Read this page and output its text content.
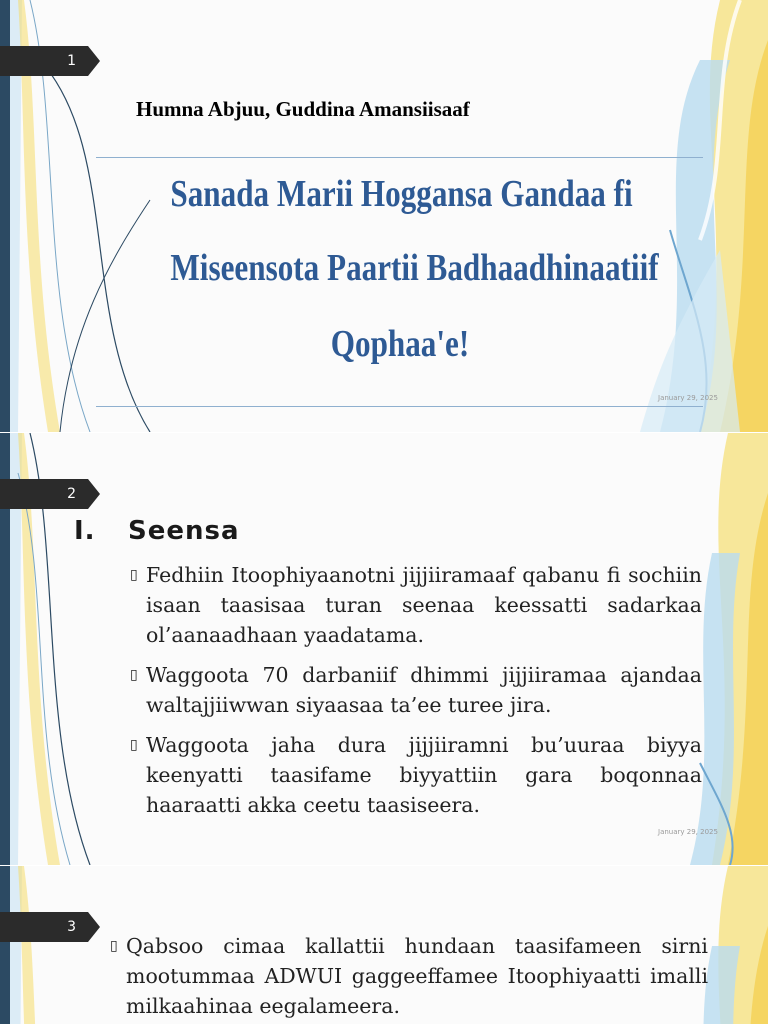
1
Humna Abjuu, Guddina Amansiisaaf
Sanada Marii Hoggansa Gandaa fi
Miseensota Paartii Badhaadhinaatiif
Qophaa'e!
January 29, 2025
2
I. Seensa
▯ Fedhiin Itoophiyaanotni jijjiiramaaf qabanu fi sochiin isaan taasisaa turan seenaa keessatti sadarkaa ol’aanaadhaan yaadatama.
▯ Waggoota 70 darbaniif dhimmi jijjiiramaa ajandaa waltajjiiwwan siyaasaa ta’ee turee jira.
▯ Waggoota jaha dura jijjiiramni bu’uuraa biyya keenyatti taasifame biyyattiin gara boqonnaa haaraatti akka ceetu taasiseera.
January 29, 2025
3
▯ Qabsoo cimaa kallattii hundaan taasifameen sirni mootummaa ADWUI gaggeeffamee Itoophiyaatti imalli milkaahinaa eegalameera.
